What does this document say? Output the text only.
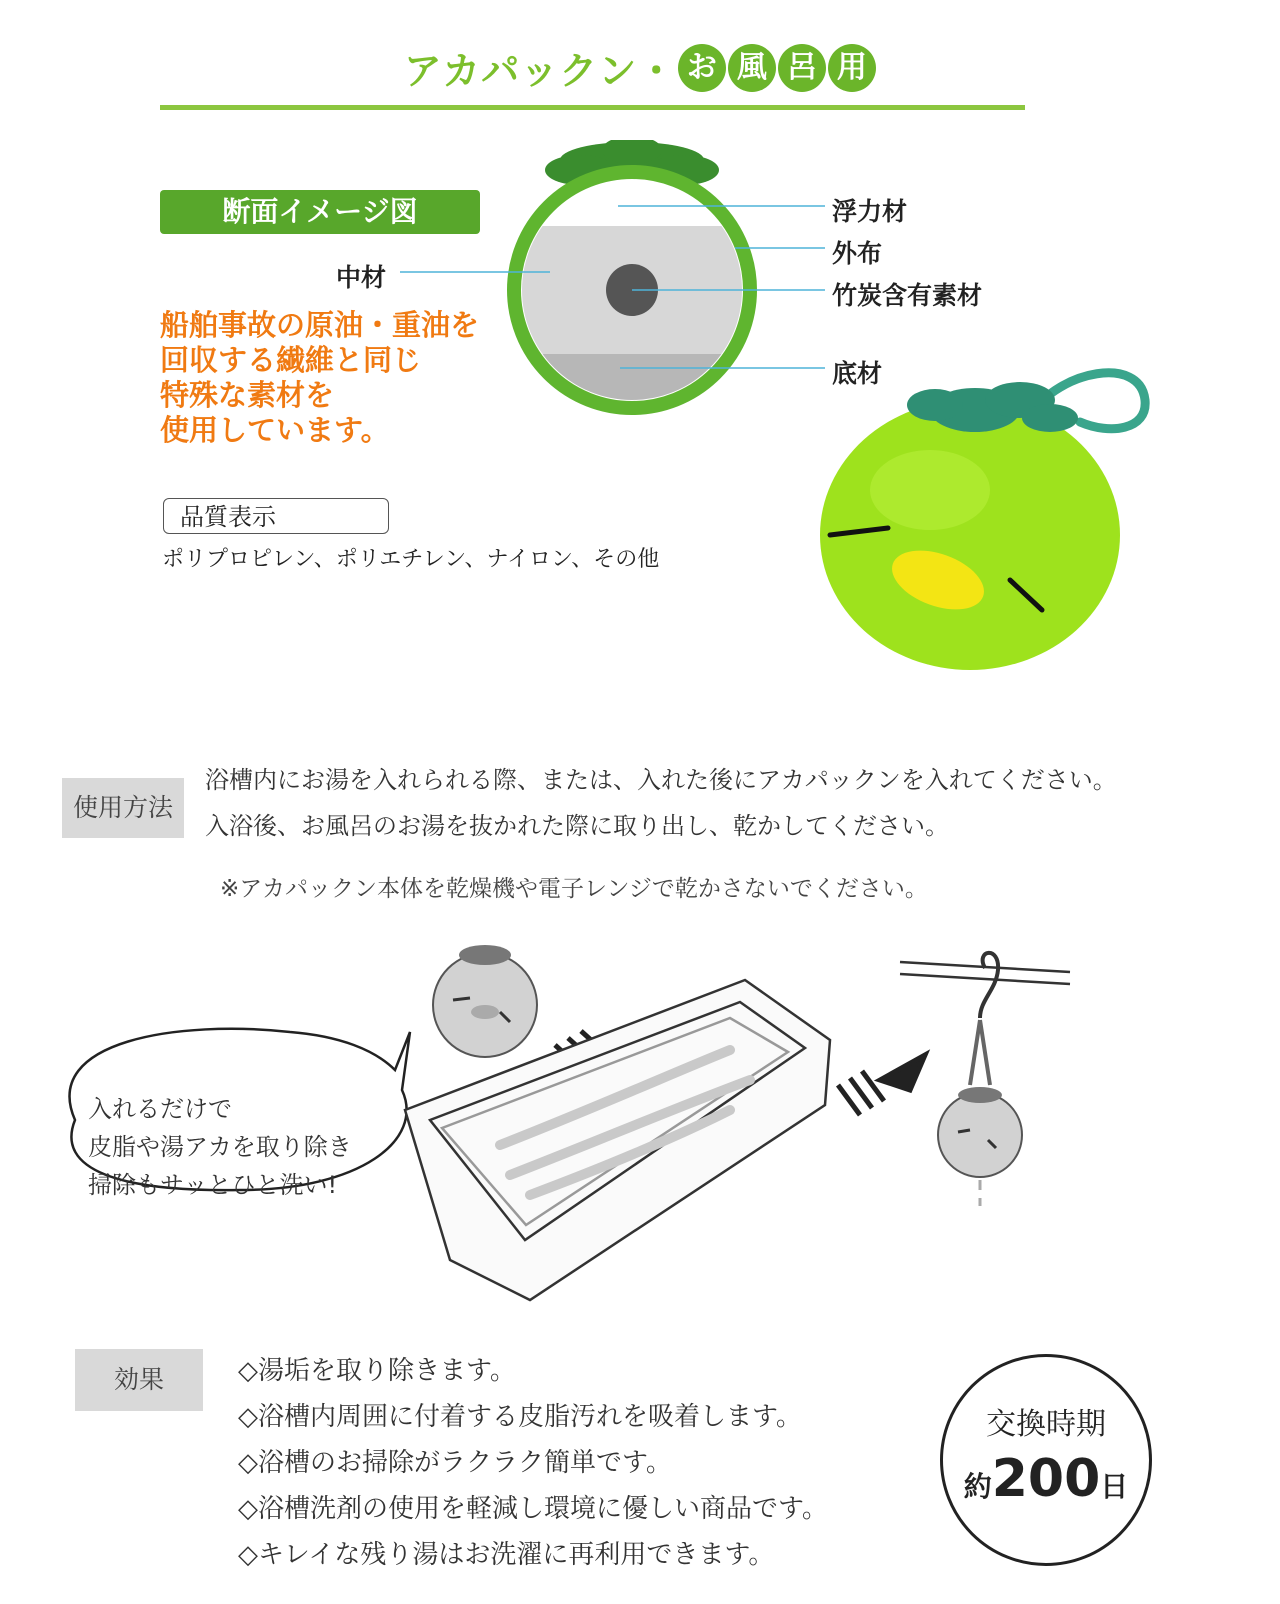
アカパックン・ お 風 呂 用
断面イメージ図	浮力材
外布
竹炭含有素材
底材
中材
船舶事故の原油・重油を
回収する繊維と同じ
特殊な素材を
使用しています。
品質表示
ポリプロピレン、ポリエチレン、ナイロン、その他
使用方法
浴槽内にお湯を入れられる際、または、入れた後にアカパックンを入れてください。
入浴後、お風呂のお湯を抜かれた際に取り出し、乾かしてください。
※アカパックン本体を乾燥機や電子レンジで乾かさないでください。
入れるだけで
皮脂や湯アカを取り除き
掃除もサッとひと洗い!
効果	◇湯垢を取り除きます。
◇浴槽内周囲に付着する皮脂汚れを吸着します。
◇浴槽のお掃除がラクラク簡単です。
◇浴槽洗剤の使用を軽減し環境に優しい商品です。
◇キレイな残り湯はお洗濯に再利用できます。
交換時期
約200日
